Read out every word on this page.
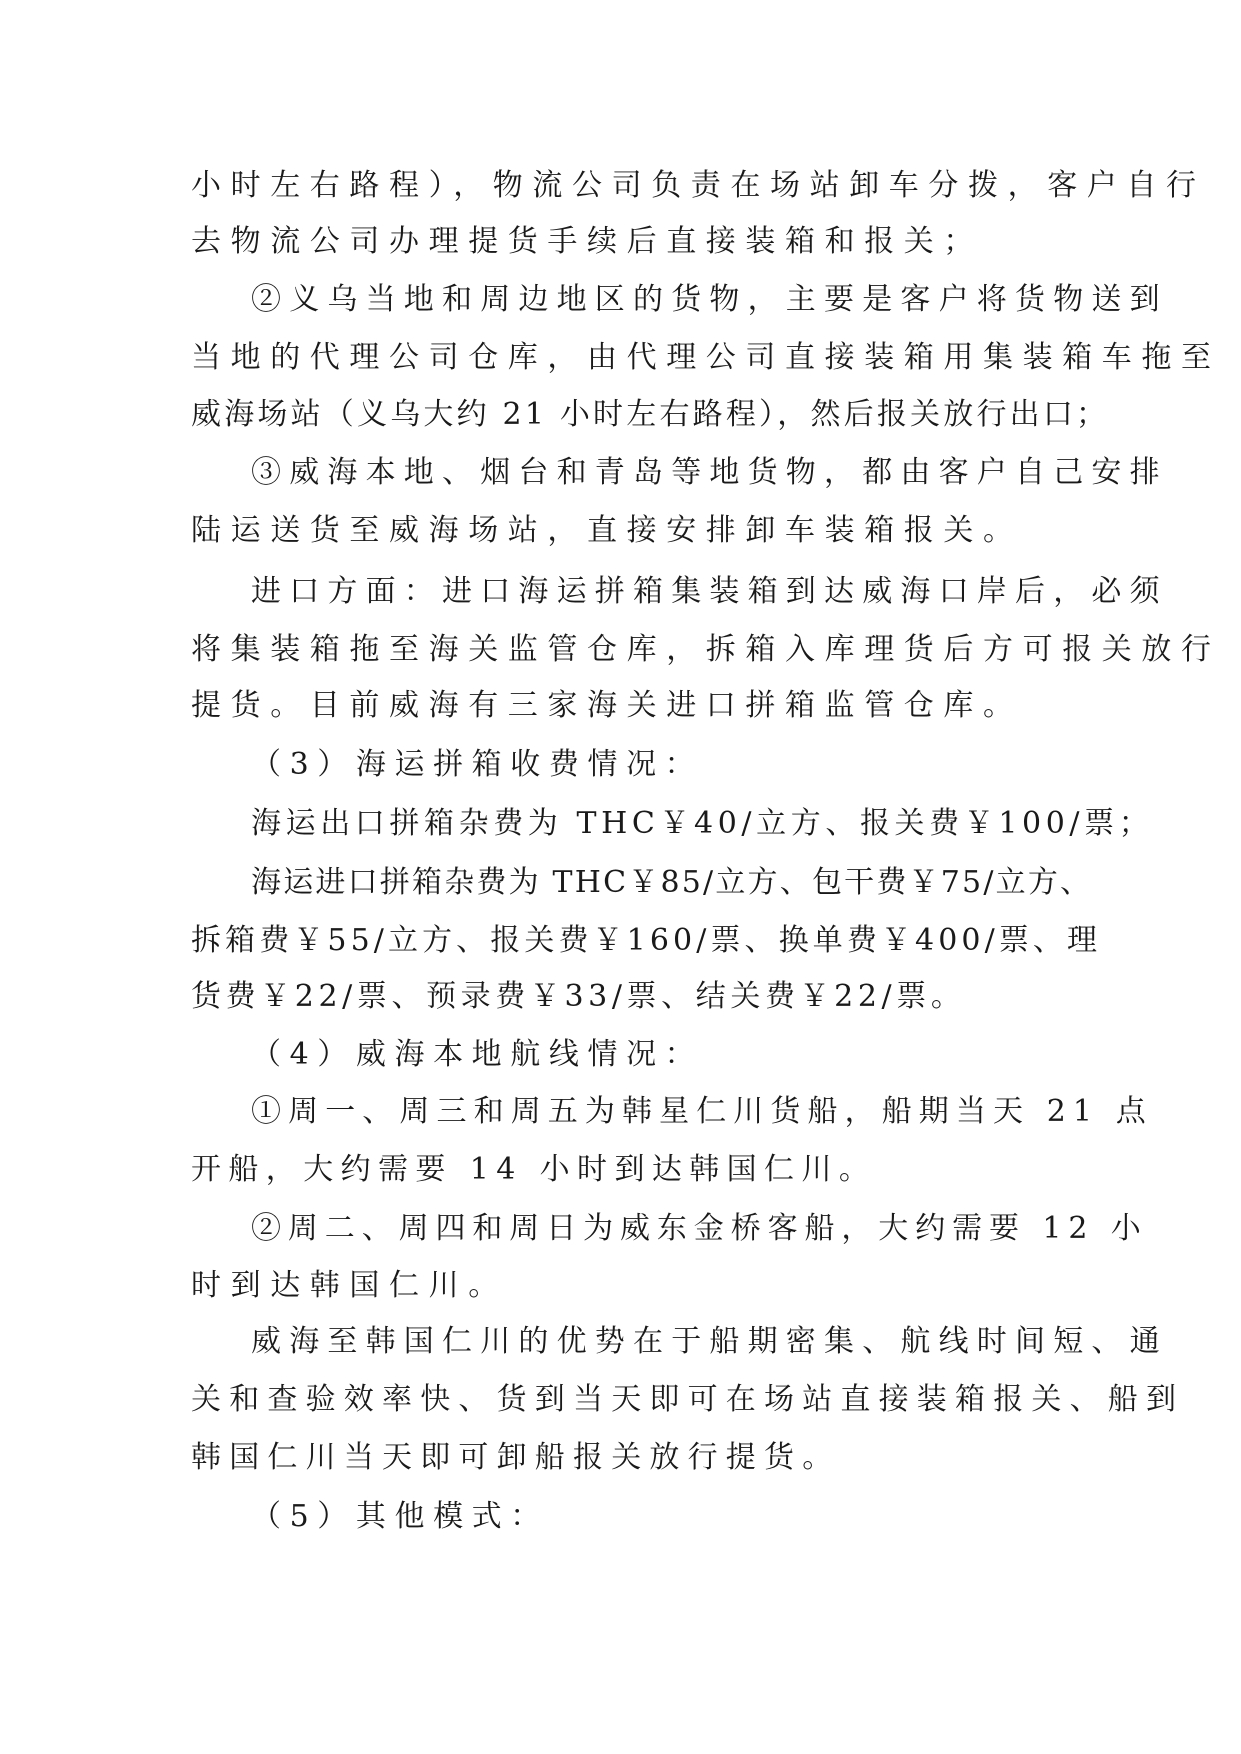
小时左右路程），物流公司负责在场站卸车分拨，客户自行
去物流公司办理提货手续后直接装箱和报关；
②义乌当地和周边地区的货物，主要是客户将货物送到
当地的代理公司仓库，由代理公司直接装箱用集装箱车拖至
威海场站（义乌大约 21 小时左右路程），然后报关放行出口；
③威海本地、烟台和青岛等地货物，都由客户自己安排
陆运送货至威海场站，直接安排卸车装箱报关。
进口方面：进口海运拼箱集装箱到达威海口岸后，必须
将集装箱拖至海关监管仓库，拆箱入库理货后方可报关放行
提货。目前威海有三家海关进口拼箱监管仓库。
（3）海运拼箱收费情况：
海运出口拼箱杂费为 THC￥40/立方、报关费￥100/票；
海运进口拼箱杂费为 THC￥85/立方、包干费￥75/立方、
拆箱费￥55/立方、报关费￥160/票、换单费￥400/票、理
货费￥22/票、预录费￥33/票、结关费￥22/票。
（4）威海本地航线情况：
①周一、周三和周五为韩星仁川货船，船期当天 21 点
开船，大约需要 14 小时到达韩国仁川。
②周二、周四和周日为威东金桥客船，大约需要 12 小
时到达韩国仁川。
威海至韩国仁川的优势在于船期密集、航线时间短、通
关和查验效率快、货到当天即可在场站直接装箱报关、船到
韩国仁川当天即可卸船报关放行提货。
（5）其他模式：
